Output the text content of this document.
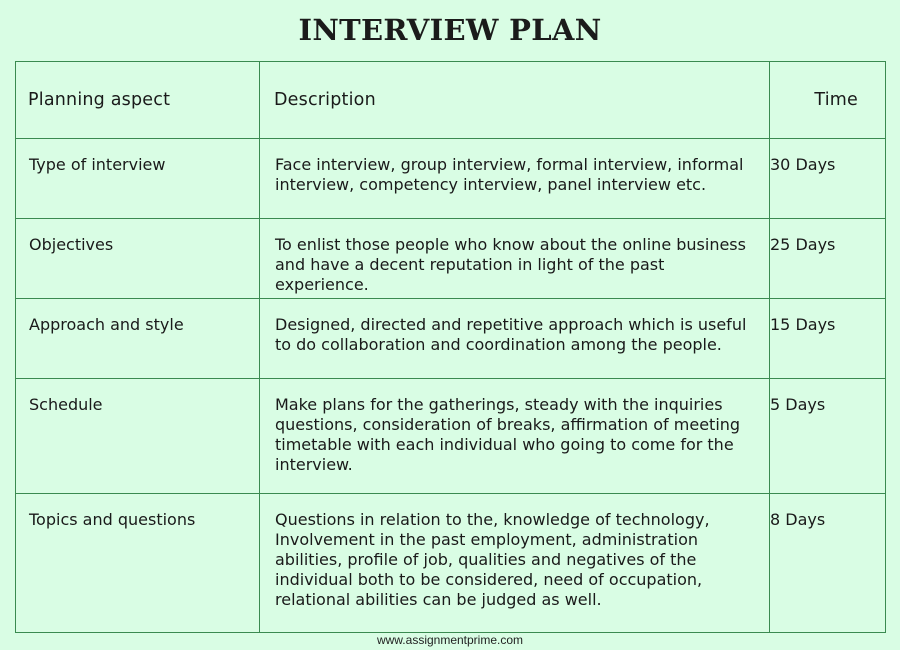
INTERVIEW PLAN
Planning aspect	Description	Time
Type of interview	Face interview, group interview, formal interview, informal interview, competency interview, panel interview etc.	30 Days
Objectives	To enlist those people who know about the online business and have a decent reputation in light of the past experience.	25 Days
Approach and style	Designed, directed and repetitive approach which is useful to do collaboration and coordination among the people.	15 Days
Schedule	Make plans for the gatherings, steady with the inquiries questions, consideration of breaks, affirmation of meeting timetable with each individual who going to come for the interview.	5 Days
Topics and questions	Questions in relation to the, knowledge of technology, Involvement in the past employment, administration abilities, profile of job, qualities and negatives of the individual both to be considered, need of occupation, relational abilities can be judged as well.	8 Days
www.assignmentprime.com
